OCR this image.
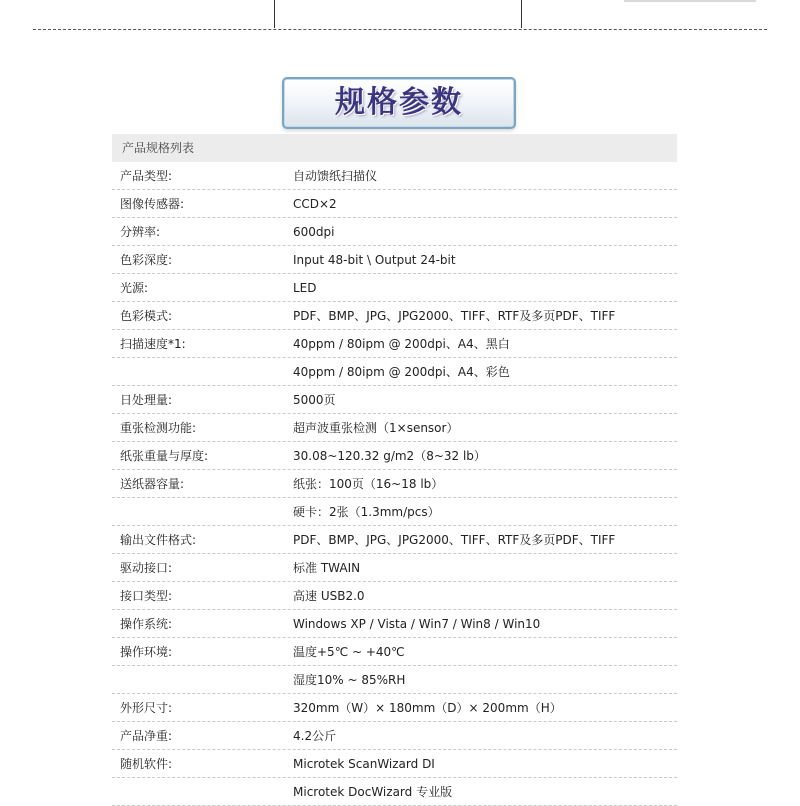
规格参数
产品规格列表
产品类型:	自动馈纸扫描仪
图像传感器:	CCD×2
分辨率:	600dpi
色彩深度:	Input 48-bit \ Output 24-bit
光源:	LED
色彩模式:	PDF、BMP、JPG、JPG2000、TIFF、RTF及多页PDF、TIFF
扫描速度*1:	40ppm / 80ipm @ 200dpi、A4、黑白
40ppm / 80ipm @ 200dpi、A4、彩色
日处理量:	5000页
重张检测功能:	超声波重张检测（1×sensor）
纸张重量与厚度:	30.08~120.32 g/m2（8~32 lb）
送纸器容量:	纸张：100页（16~18 lb）
硬卡：2张（1.3mm/pcs）
输出文件格式:	PDF、BMP、JPG、JPG2000、TIFF、RTF及多页PDF、TIFF
驱动接口:	标准 TWAIN
接口类型:	高速 USB2.0
操作系统:	Windows XP / Vista / Win7 / Win8 / Win10
操作环境:	温度+5℃ ~ +40℃
湿度10% ~ 85%RH
外形尺寸:	320mm（W）× 180mm（D）× 200mm（H）
产品净重:	4.2公斤
随机软件:	Microtek ScanWizard DI
Microtek DocWizard 专业版
